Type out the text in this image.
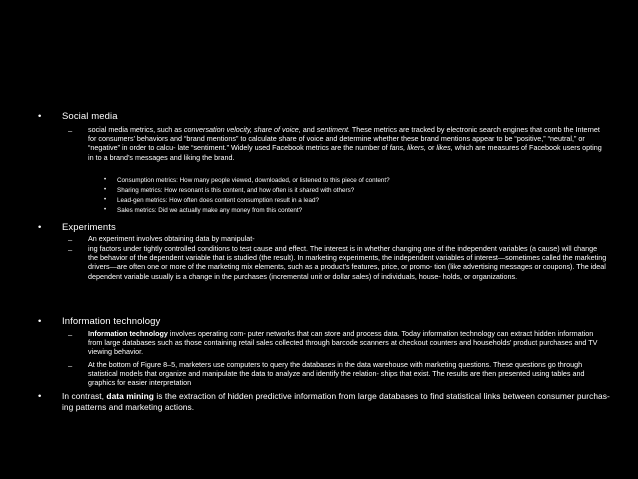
• Social media
– social media metrics, such as conversation velocity, share of voice, and sentiment. These metrics are tracked by electronic search engines that comb the Internet for consumers’ behaviors and “brand mentions” to calculate share of voice and determine whether these brand mentions appear to be “positive,” “neutral,” or “negative” in order to calcu- late “sentiment.” Widely used Facebook metrics are the number of fans, likers, or likes, which are measures of Facebook users opting in to a brand’s messages and liking the brand.
• Consumption metrics: How many people viewed, downloaded, or listened to this piece of content?
• Sharing metrics: How resonant is this content, and how often is it shared with others?
• Lead-gen metrics: How often does content consumption result in a lead?
• Sales metrics: Did we actually make any money from this content?
• Experiments
– An experiment involves obtaining data by manipulat-
– ing factors under tightly controlled conditions to test cause and effect. The interest is in whether changing one of the independent variables (a cause) will change the behavior of the dependent variable that is studied (the result). In marketing experiments, the independent variables of interest—sometimes called the marketing drivers—are often one or more of the marketing mix elements, such as a product’s features, price, or promo- tion (like advertising messages or coupons). The ideal dependent variable usually is a change in the purchases (incremental unit or dollar sales) of individuals, house- holds, or organizations.
• Information technology
– Information technology involves operating com- puter networks that can store and process data. Today information technology can extract hidden information from large databases such as those containing retail sales collected through barcode scanners at checkout counters and households’ product purchases and TV viewing behavior.
– At the bottom of Figure 8–5, marketers use computers to query the databases in the data warehouse with marketing questions. These questions go through statistical models that organize and manipulate the data to analyze and identify the relation- ships that exist. The results are then presented using tables and graphics for easier interpretation
• In contrast, data mining is the extraction of hidden predictive information from large databases to find statistical links between consumer purchas- ing patterns and marketing actions.
